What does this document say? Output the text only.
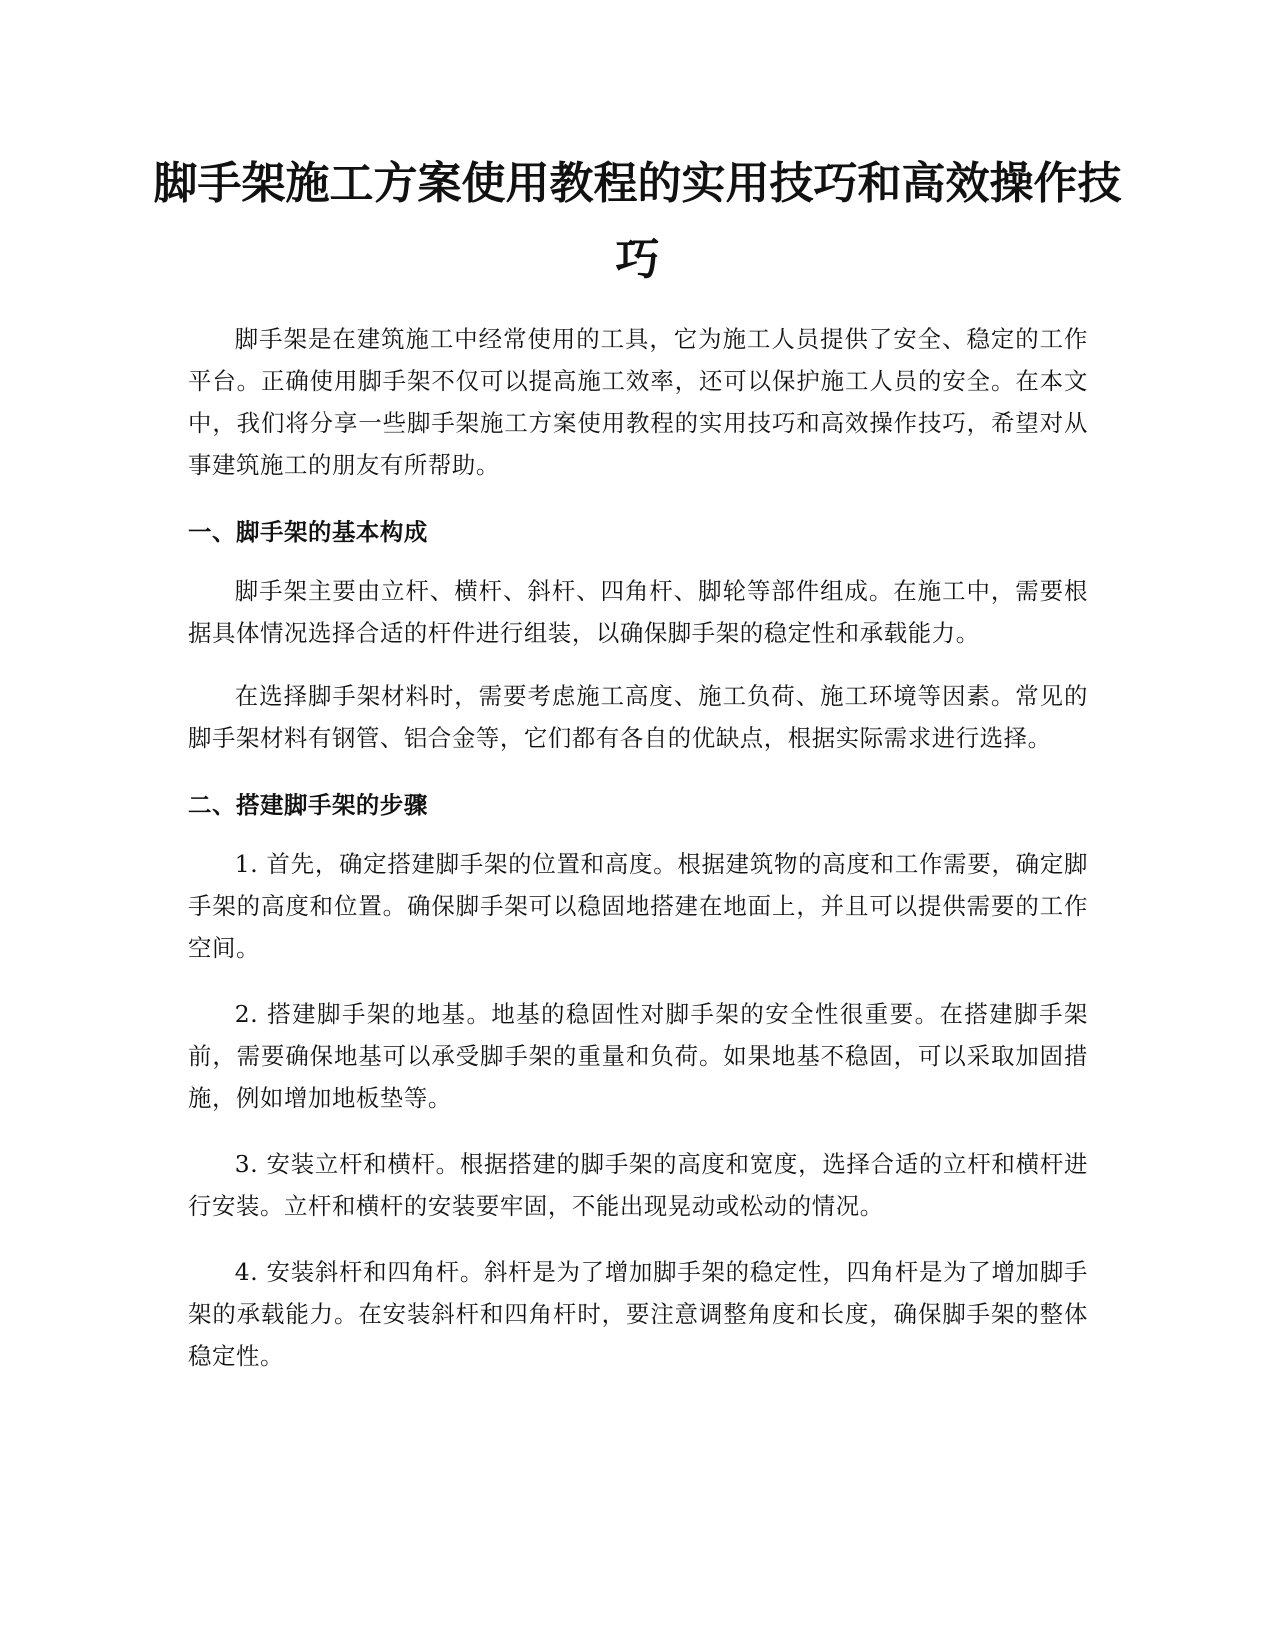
脚手架施工方案使用教程的实用技巧和高效操作技巧

脚手架是在建筑施工中经常使用的工具，它为施工人员提供了安全、稳定的工作平台。正确使用脚手架不仅可以提高施工效率，还可以保护施工人员的安全。在本文中，我们将分享一些脚手架施工方案使用教程的实用技巧和高效操作技巧，希望对从事建筑施工的朋友有所帮助。

一、脚手架的基本构成

脚手架主要由立杆、横杆、斜杆、四角杆、脚轮等部件组成。在施工中，需要根据具体情况选择合适的杆件进行组装，以确保脚手架的稳定性和承载能力。

在选择脚手架材料时，需要考虑施工高度、施工负荷、施工环境等因素。常见的脚手架材料有钢管、铝合金等，它们都有各自的优缺点，根据实际需求进行选择。

二、搭建脚手架的步骤

1. 首先，确定搭建脚手架的位置和高度。根据建筑物的高度和工作需要，确定脚手架的高度和位置。确保脚手架可以稳固地搭建在地面上，并且可以提供需要的工作空间。

2. 搭建脚手架的地基。地基的稳固性对脚手架的安全性很重要。在搭建脚手架前，需要确保地基可以承受脚手架的重量和负荷。如果地基不稳固，可以采取加固措施，例如增加地板垫等。

3. 安装立杆和横杆。根据搭建的脚手架的高度和宽度，选择合适的立杆和横杆进行安装。立杆和横杆的安装要牢固，不能出现晃动或松动的情况。

4. 安装斜杆和四角杆。斜杆是为了增加脚手架的稳定性，四角杆是为了增加脚手架的承载能力。在安装斜杆和四角杆时，要注意调整角度和长度，确保脚手架的整体稳定性。
